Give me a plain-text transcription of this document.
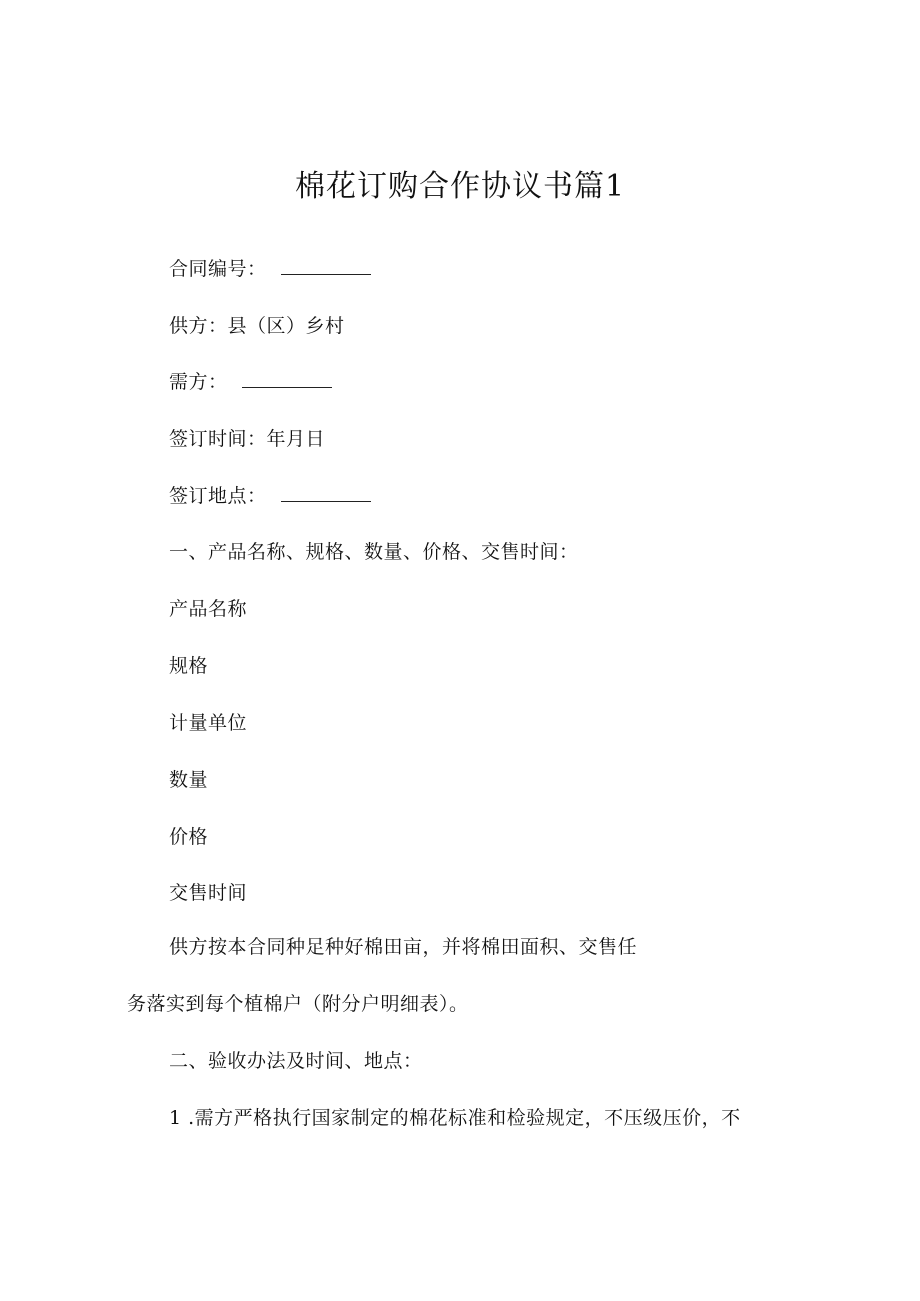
棉花订购合作协议书篇1
合同编号：
供方：县（区）乡村
需方：
签订时间：年月日
签订地点：
一、产品名称、规格、数量、价格、交售时间：
产品名称
规格
计量单位
数量
价格
交售时间
供方按本合同种足种好棉田亩，并将棉田面积、交售任
务落实到每个植棉户（附分户明细表）。
二、验收办法及时间、地点：
1 .需方严格执行国家制定的棉花标准和检验规定，不压级压价，不
